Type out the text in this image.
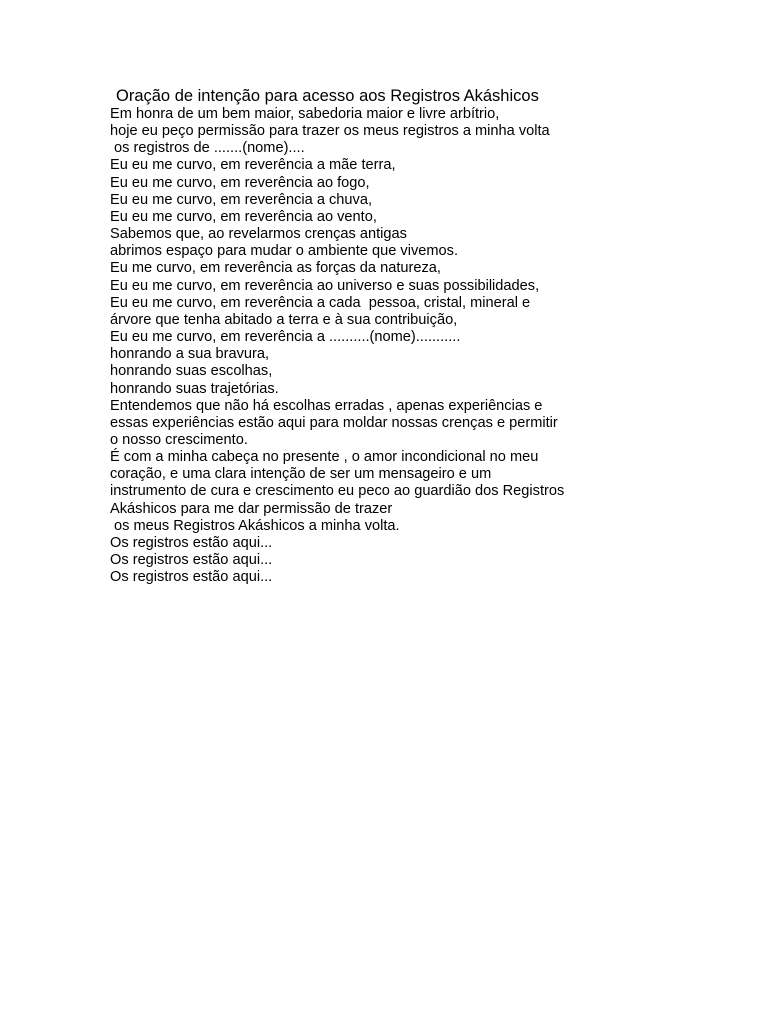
Oração de intenção para acesso aos Registros Akáshicos
Em honra de um bem maior, sabedoria maior e livre arbítrio,
hoje eu peço permissão para trazer os meus registros a minha volta
os registros de .......(nome)....
Eu eu me curvo, em reverência a mãe terra,
Eu eu me curvo, em reverência ao fogo,
Eu eu me curvo, em reverência a chuva,
Eu eu me curvo, em reverência ao vento,
Sabemos que, ao revelarmos crenças antigas
abrimos espaço para mudar o ambiente que vivemos.
Eu me curvo, em reverência as forças da natureza,
Eu eu me curvo, em reverência ao universo e suas possibilidades,
Eu eu me curvo, em reverência a cada  pessoa, cristal, mineral e
árvore que tenha abitado a terra e à sua contribuição,
Eu eu me curvo, em reverência a ..........(nome)...........
honrando a sua bravura,
honrando suas escolhas,
honrando suas trajetórias.
Entendemos que não há escolhas erradas , apenas experiências e
essas experiências estão aqui para moldar nossas crenças e permitir
o nosso crescimento.
É com a minha cabeça no presente , o amor incondicional no meu
coração, e uma clara intenção de ser um mensageiro e um
instrumento de cura e crescimento eu peco ao guardião dos Registros
Akáshicos para me dar permissão de trazer
os meus Registros Akáshicos a minha volta.
Os registros estão aqui...
Os registros estão aqui...
Os registros estão aqui...
